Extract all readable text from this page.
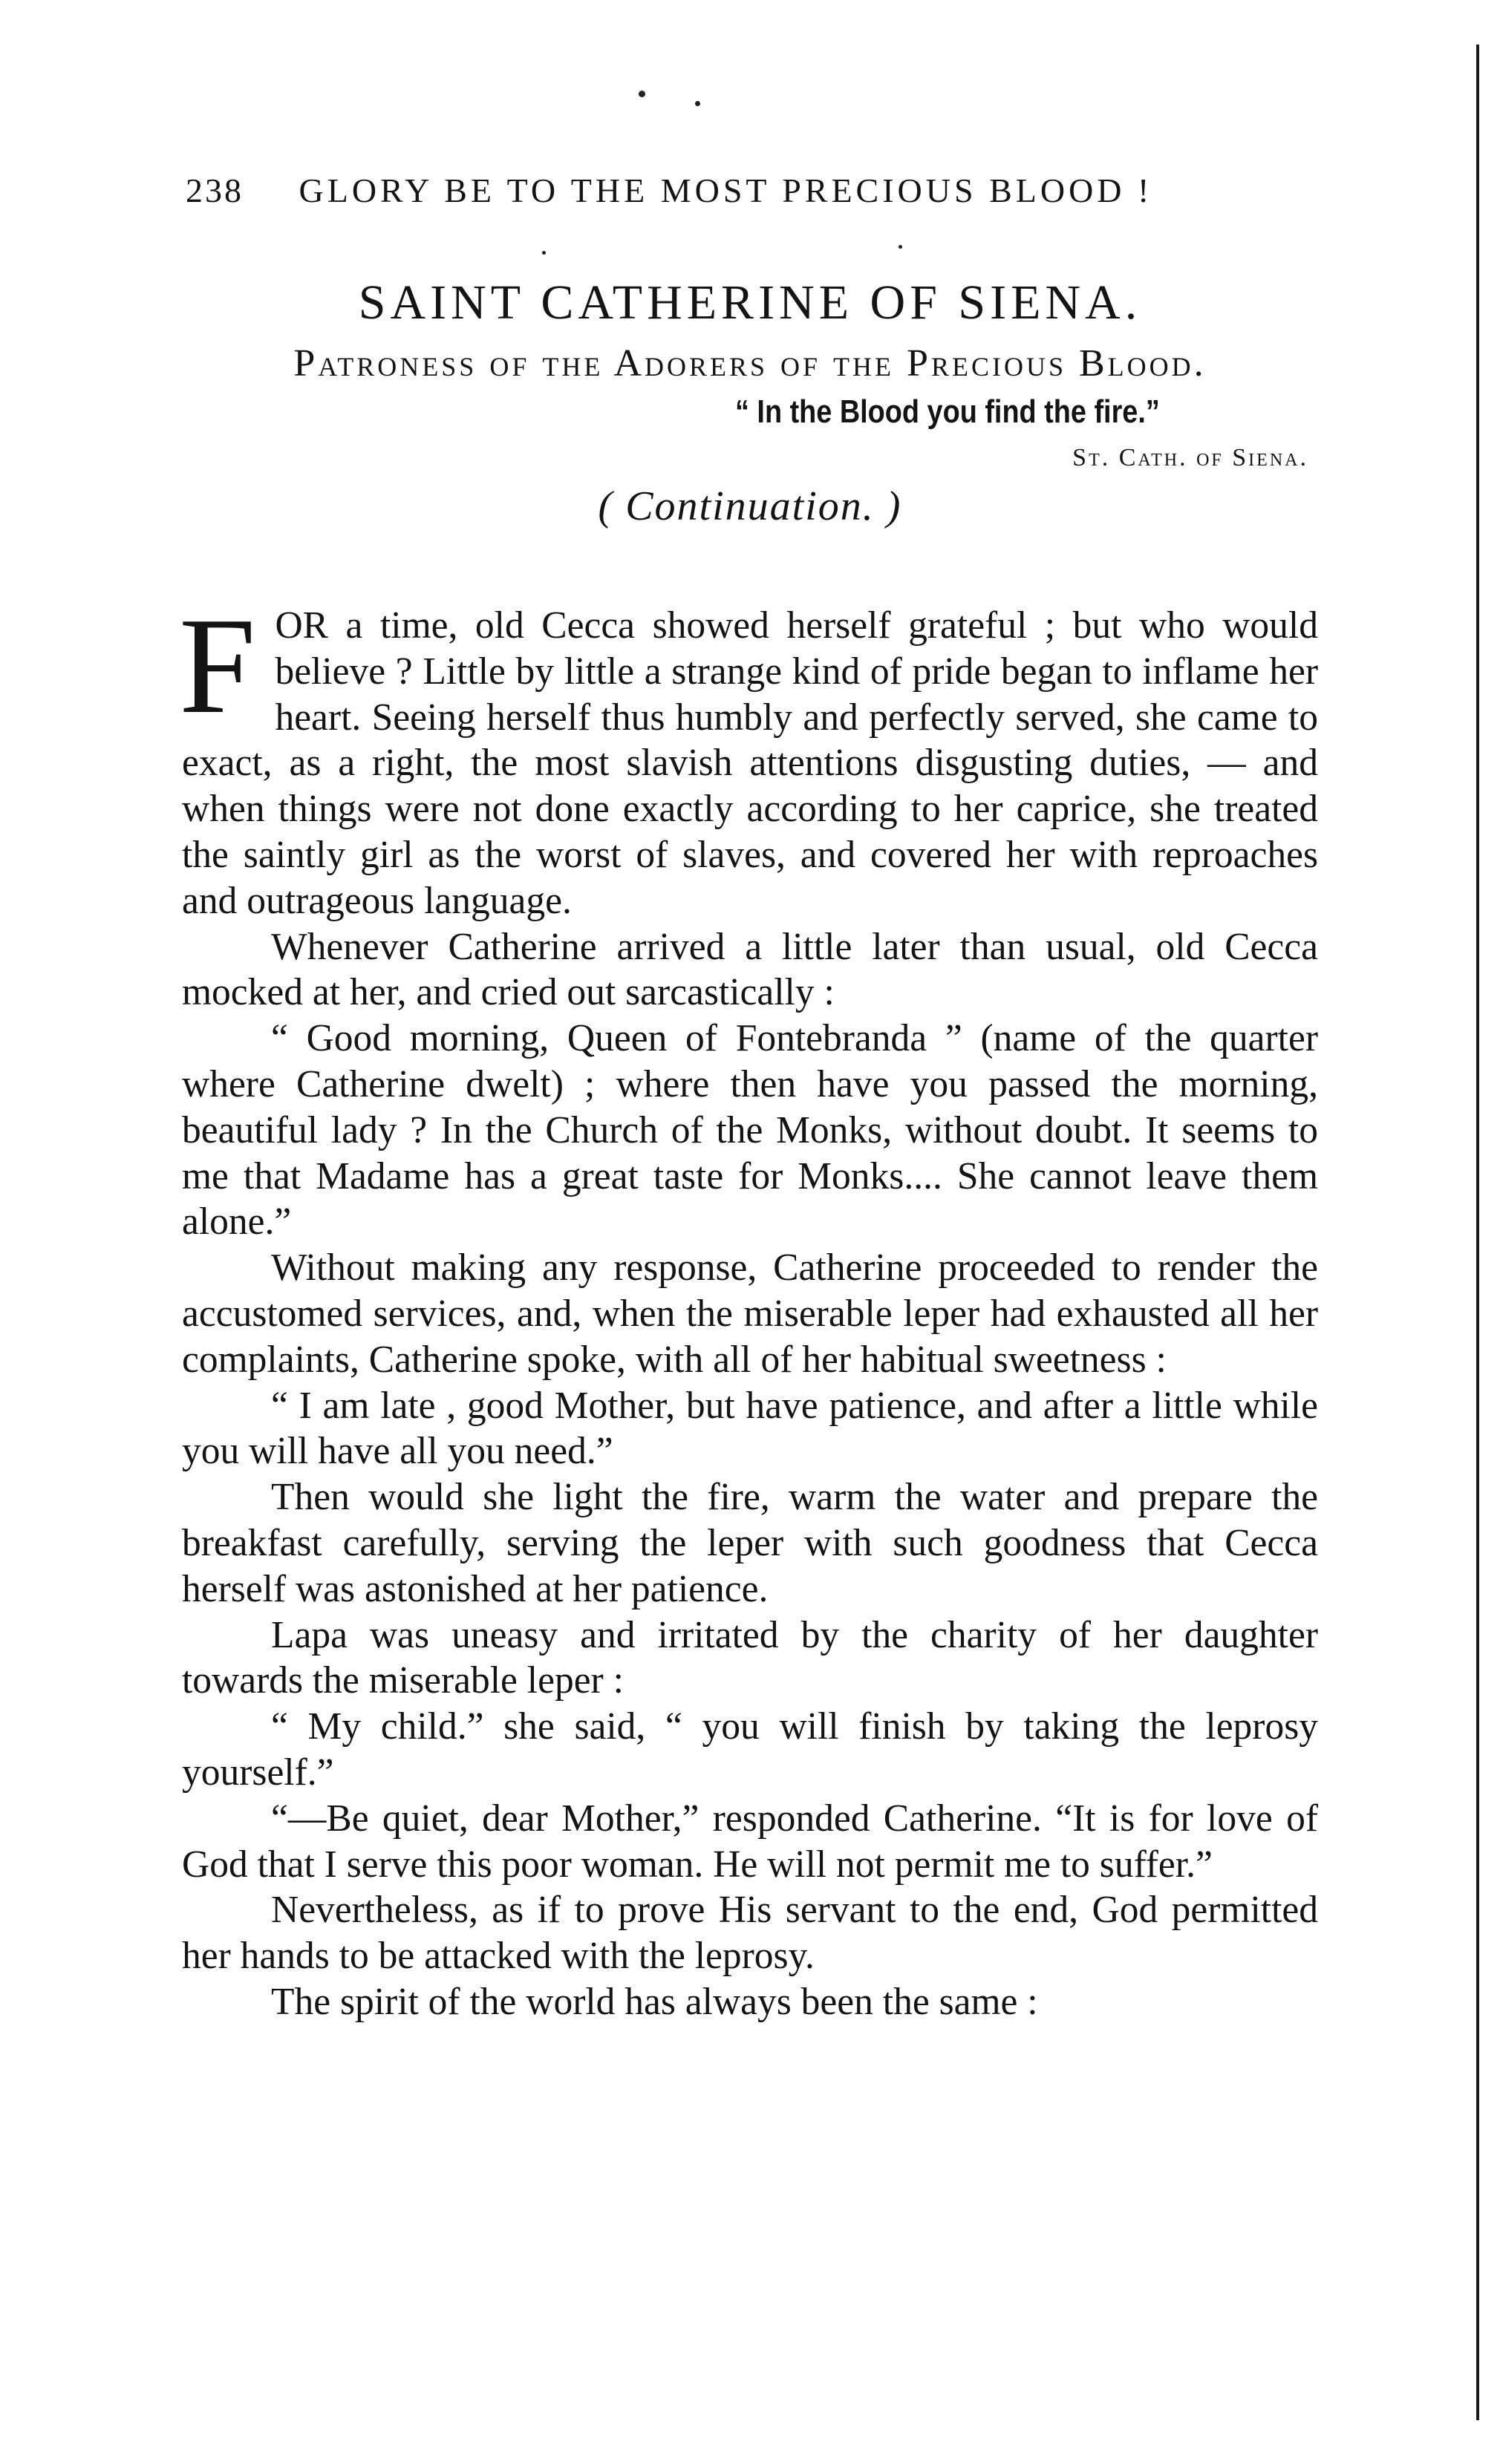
238 GLORY BE TO THE MOST PRECIOUS BLOOD !
SAINT CATHERINE OF SIENA.
Patroness of the Adorers of the Precious Blood.
“ In the Blood you find the fire.”
St. Cath. of Siena.
( Continuation. )

FOR a time, old Cecca showed herself grateful ; but who would believe ? Little by little a strange kind of pride began to inflame her heart. Seeing herself thus humbly and perfectly served, she came to exact, as a right, the most slavish attentions disgusting duties, — and when things were not done exactly according to her caprice, she treated the saintly girl as the worst of slaves, and covered her with reproaches and outrageous language.

Whenever Catherine arrived a little later than usual, old Cecca mocked at her, and cried out sarcastically :

“ Good morning, Queen of Fontebranda ” (name of the quarter where Catherine dwelt) ; where then have you passed the morning, beautiful lady ? In the Church of the Monks, without doubt. It seems to me that Madame has a great taste for Monks.... She cannot leave them alone.”

Without making any response, Catherine proceeded to render the accustomed services, and, when the miserable leper had exhausted all her complaints, Catherine spoke, with all of her habitual sweetness :

“ I am late , good Mother, but have patience, and after a little while you will have all you need.”

Then would she light the fire, warm the water and prepare the breakfast carefully, serving the leper with such goodness that Cecca herself was astonished at her patience.

Lapa was uneasy and irritated by the charity of her daughter towards the miserable leper :

“ My child.” she said, “ you will finish by taking the leprosy yourself.”

“—Be quiet, dear Mother,” responded Catherine. “It is for love of God that I serve this poor woman. He will not permit me to suffer.”

Nevertheless, as if to prove His servant to the end, God permitted her hands to be attacked with the leprosy.

The spirit of the world has always been the same :
